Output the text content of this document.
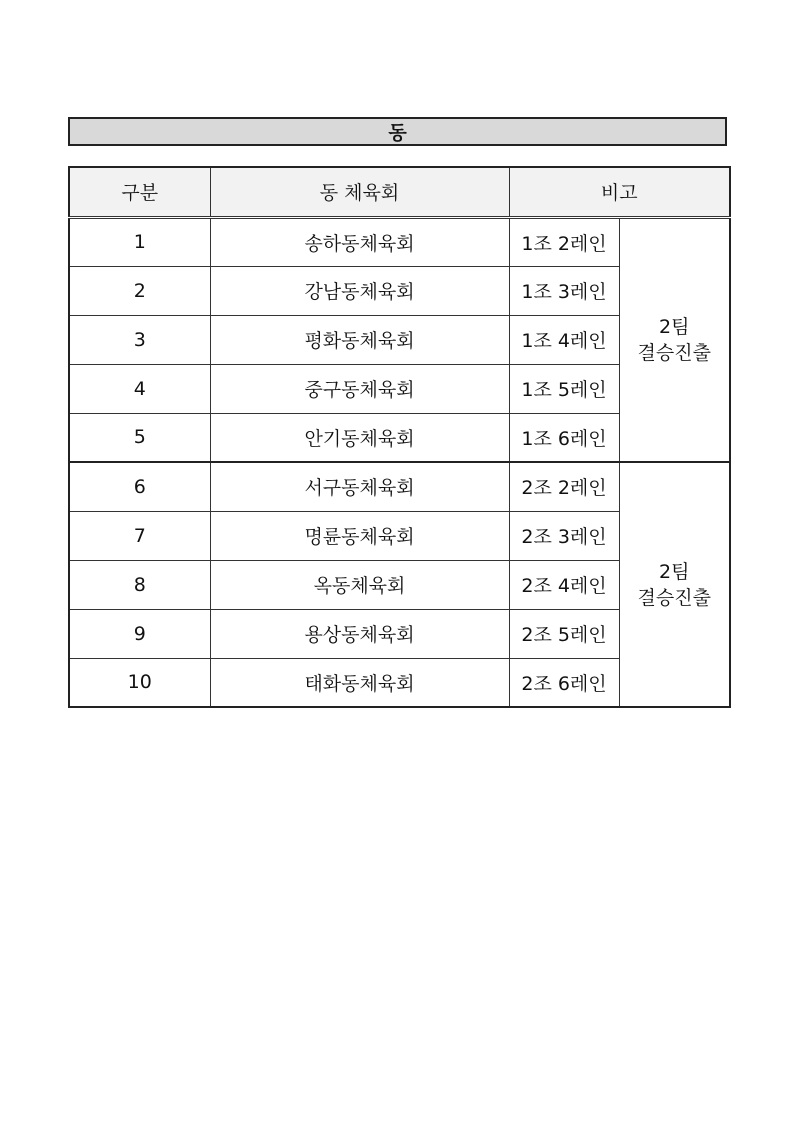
동
구분	동 체육회	비고	
1	송하동체육회	1조 2레인	2팀
결승진출

2	강남동체육회	1조 3레인	
3	평화동체육회	1조 4레인	
4	중구동체육회	1조 5레인	
5	안기동체육회	1조 6레인	
6	서구동체육회	2조 2레인	2팀
결승진출

7	명륜동체육회	2조 3레인	
8	옥동체육회	2조 4레인	
9	용상동체육회	2조 5레인	
10	태화동체육회	2조 6레인	
